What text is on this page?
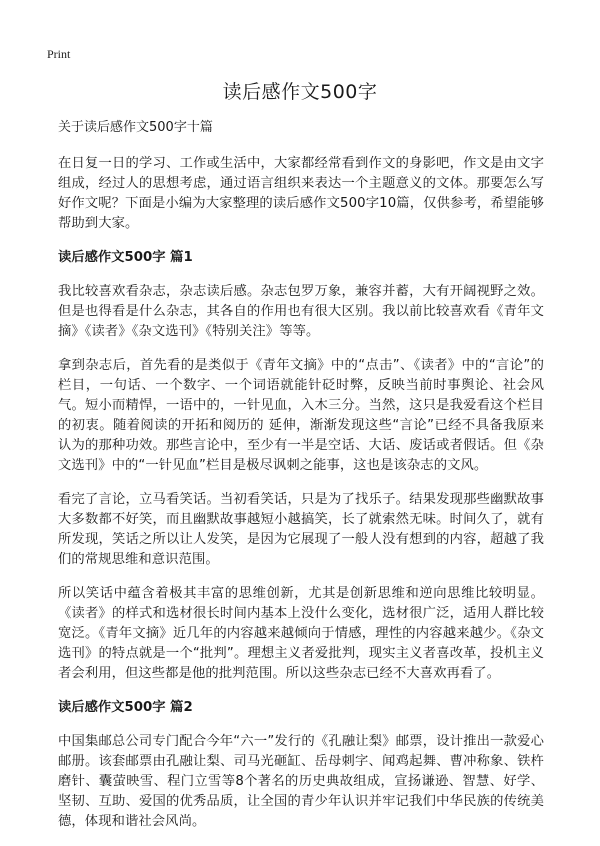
Print
读后感作文500字

关于读后感作文500字十篇

在日复一日的学习、工作或生活中，大家都经常看到作文的身影吧，作文是由文字组成，经过人的思想考虑，通过语言组织来表达一个主题意义的文体。那要怎么写好作文呢？下面是小编为大家整理的读后感作文500字10篇，仅供参考，希望能够帮助到大家。

读后感作文500字 篇1

我比较喜欢看杂志，杂志读后感。杂志包罗万象，兼容并蓄，大有开阔视野之效。但是也得看是什么杂志，其各自的作用也有很大区别。我以前比较喜欢看《青年文摘》《读者》《杂文选刊》《特别关注》等等。

拿到杂志后，首先看的是类似于《青年文摘》中的“点击”、《读者》中的“言论”的栏目，一句话、一个数字、一个词语就能针砭时弊，反映当前时事舆论、社会风气。短小而精悍，一语中的，一针见血，入木三分。当然，这只是我爱看这个栏目的初衷。随着阅读的开拓和阅历的 延伸，渐渐发现这些“言论”已经不具备我原来认为的那种功效。那些言论中，至少有一半是空话、大话、废话或者假话。但《杂文选刊》中的“一针见血”栏目是极尽讽刺之能事，这也是该杂志的文风。

看完了言论，立马看笑话。当初看笑话，只是为了找乐子。结果发现那些幽默故事大多数都不好笑，而且幽默故事越短小越搞笑，长了就索然无味。时间久了，就有所发现，笑话之所以让人发笑，是因为它展现了一般人没有想到的内容，超越了我们的常规思维和意识范围。

所以笑话中蕴含着极其丰富的思维创新，尤其是创新思维和逆向思维比较明显。《读者》的样式和选材很长时间内基本上没什么变化，选材很广泛，适用人群比较宽泛。《青年文摘》近几年的内容越来越倾向于情感，理性的内容越来越少。《杂文选刊》的特点就是一个“批判”。理想主义者爱批判，现实主义者喜改革，投机主义者会利用，但这些都是他的批判范围。所以这些杂志已经不大喜欢再看了。

读后感作文500字 篇2

中国集邮总公司专门配合今年“六一”发行的《孔融让梨》邮票，设计推出一款爱心邮册。该套邮票由孔融让梨、司马光砸缸、岳母刺字、闻鸡起舞、曹冲称象、铁杵磨针、囊萤映雪、程门立雪等8个著名的历史典故组成，宣扬谦逊、智慧、好学、坚韧、互助、爱国的优秀品质，让全国的青少年认识并牢记我们中华民族的传统美德，体现和谐社会风尚。
